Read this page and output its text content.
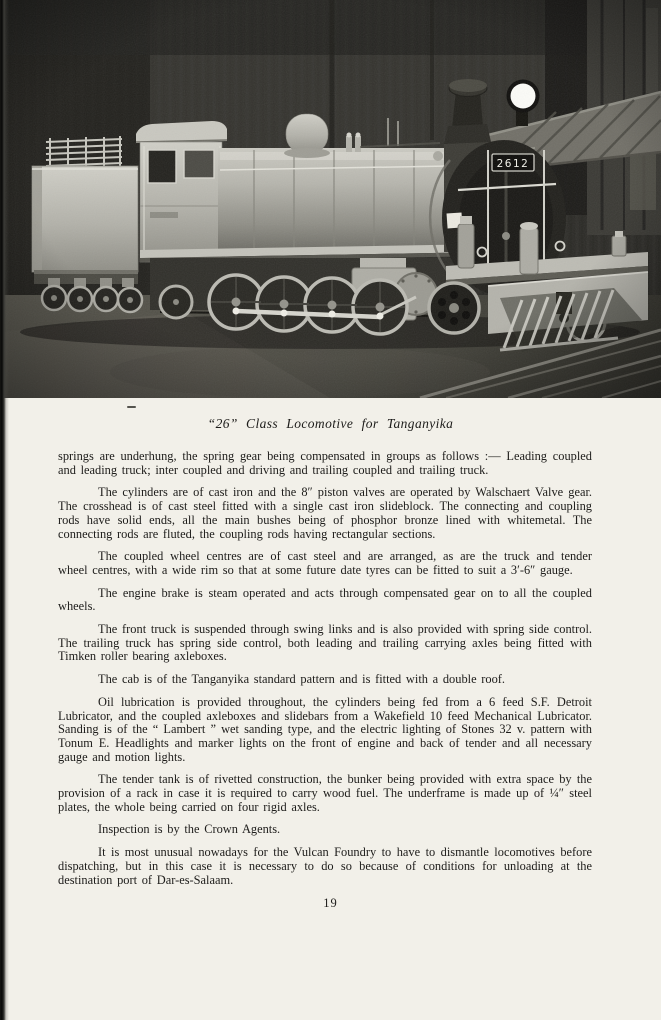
“26” Class Locomotive for Tanganyika

springs are underhung, the spring gear being compensated in groups as follows :— Leading coupled and leading truck; inter coupled and driving and trailing coupled and trailing truck.

The cylinders are of cast iron and the 8″ piston valves are operated by Walschaert Valve gear. The crosshead is of cast steel fitted with a single cast iron slideblock. The connecting and coupling rods have solid ends, all the main bushes being of phosphor bronze lined with whitemetal. The connecting rods are fluted, the coupling rods having rectangular sections.

The coupled wheel centres are of cast steel and are arranged, as are the truck and tender wheel centres, with a wide rim so that at some future date tyres can be fitted to suit a 3′-6″ gauge.

The engine brake is steam operated and acts through compensated gear on to all the coupled wheels.

The front truck is suspended through swing links and is also provided with spring side control. The trailing truck has spring side control, both leading and trailing carrying axles being fitted with Timken roller bearing axleboxes.

The cab is of the Tanganyika standard pattern and is fitted with a double roof.

Oil lubrication is provided throughout, the cylinders being fed from a 6 feed S.F. Detroit Lubricator, and the coupled axleboxes and slidebars from a Wakefield 10 feed Mechanical Lubricator. Sanding is of the “ Lambert ” wet sanding type, and the electric lighting of Stones 32 v. pattern with Tonum E. Headlights and marker lights on the front of engine and back of tender and all necessary gauge and motion lights.

The tender tank is of rivetted construction, the bunker being provided with extra space by the provision of a rack in case it is required to carry wood fuel. The underframe is made up of ¼″ steel plates, the whole being carried on four rigid axles.

Inspection is by the Crown Agents.

It is most unusual nowadays for the Vulcan Foundry to have to dismantle locomotives before dispatching, but in this case it is necessary to do so because of conditions for unloading at the destination port of Dar-es-Salaam.

19
